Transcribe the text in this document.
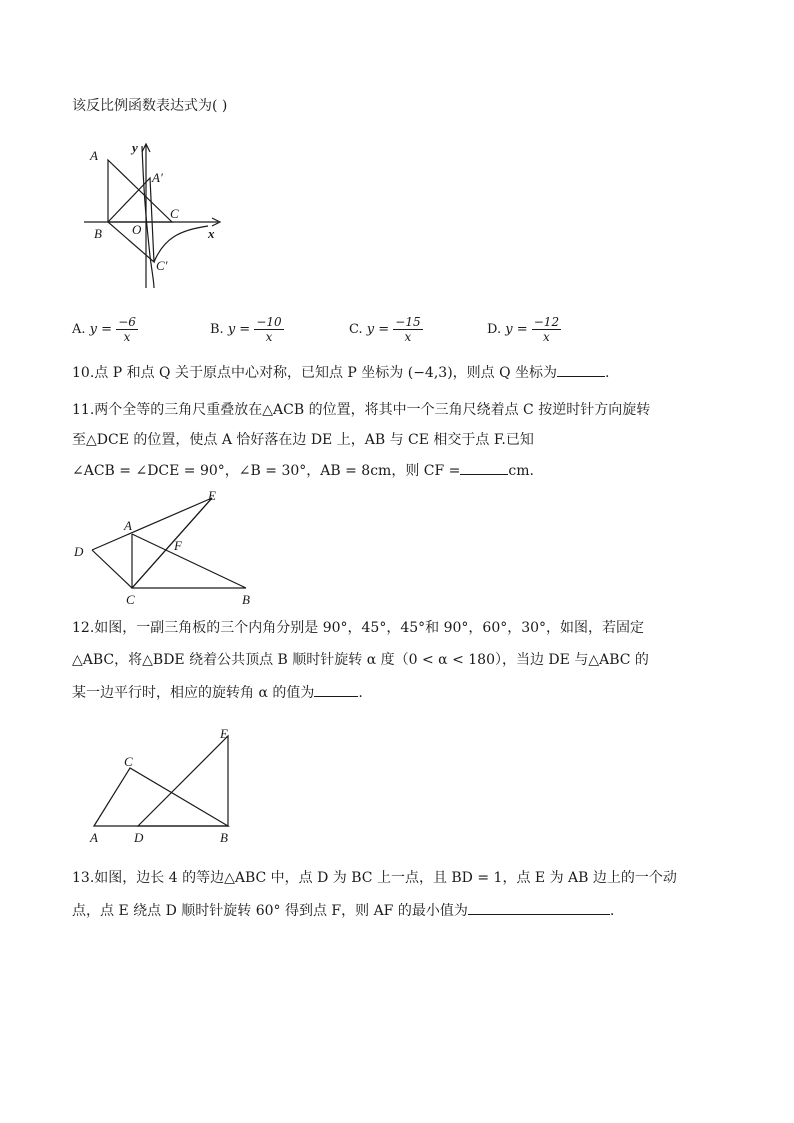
该反比例函数表达式为( )
A
y
A′
C
B O	x
C′
A. $y = \frac{-6}{x}$	B. $y = \frac{-10}{x}$	C. $y = \frac{-15}{x}$	D. $y = \frac{-12}{x}$
10.点 P 和点 Q 关于原点中心对称，已知点 P 坐标为 (−4,3)，则点 Q 坐标为	.
11.两个全等的三角尺重叠放在△ACB 的位置，将其中一个三角尺绕着点 C 按逆时针方向旋转
至△DCE 的位置，使点 A 恰好落在边 DE 上，AB 与 CE 相交于点 F.已知
∠ACB = ∠DCE = 90°，∠B = 30°，AB = 8cm，则 CF =	cm.
E
A
F
D
C	B
12.如图，一副三角板的三个内角分别是 90°，45°，45°和 90°，60°，30°，如图，若固定
△ABC，将△BDE 绕着公共顶点 B 顺时针旋转 α 度（0 < α < 180），当边 DE 与△ABC 的
某一边平行时，相应的旋转角 α 的值为	.
E
C
A	D	B
13.如图，边长 4 的等边△ABC 中，点 D 为 BC 上一点，且 BD = 1，点 E 为 AB 边上的一个动
点，点 E 绕点 D 顺时针旋转 60° 得到点 F，则 AF 的最小值为	.
